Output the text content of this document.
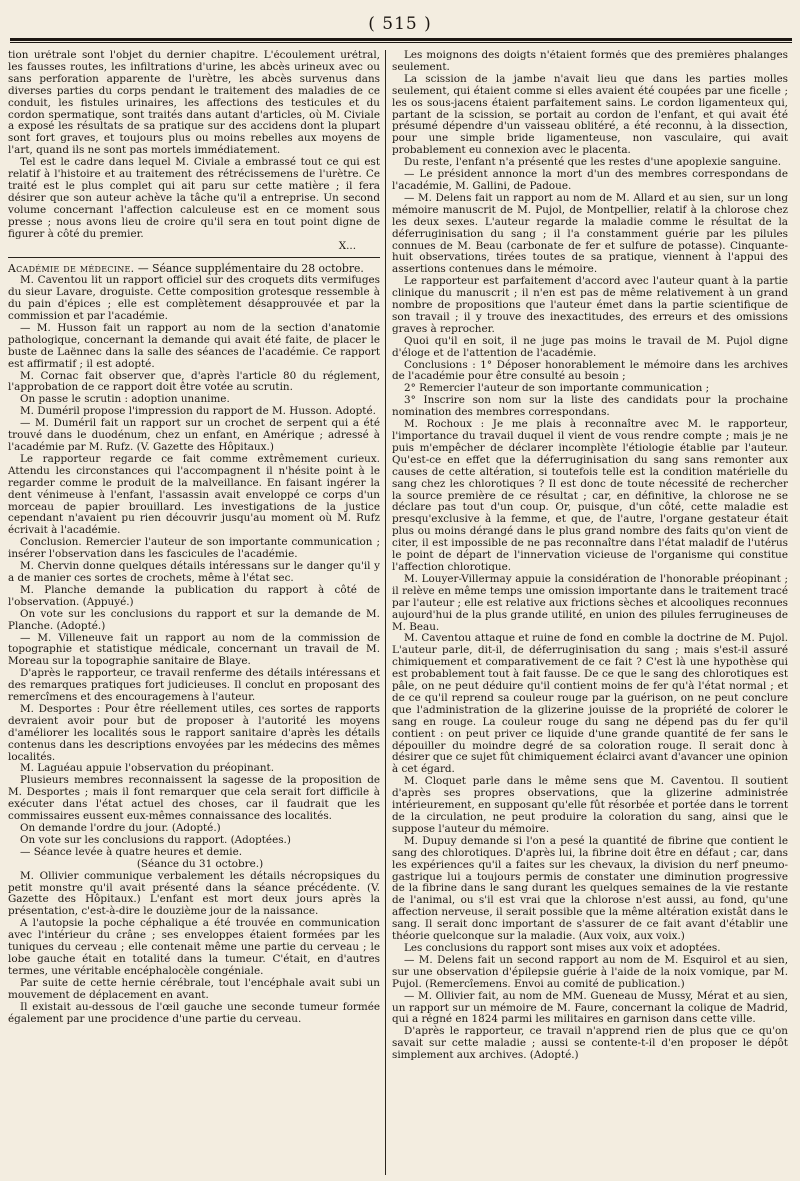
( 515 )

tion urétrale sont l'objet du dernier chapitre. L'écoulement urétral, les fausses routes, les infiltrations d'urine, les abcès urineux avec ou sans perforation apparente de l'urètre, les abcès survenus dans diverses parties du corps pendant le traitement des maladies de ce conduit, les fistules urinaires, les affections des testicules et du cordon spermatique, sont traités dans autant d'articles, où M. Civiale a exposé les résultats de sa pratique sur des accidens dont la plupart sont fort graves, et toujours plus ou moins rebelles aux moyens de l'art, quand ils ne sont pas mortels immédiatement.

Tel est le cadre dans lequel M. Civiale a embrassé tout ce qui est relatif à l'histoire et au traitement des rétrécissemens de l'urètre. Ce traité est le plus complet qui ait paru sur cette matière ; il fera désirer que son auteur achève la tâche qu'il a entreprise. Un second volume concernant l'affection calculeuse est en ce moment sous presse ; nous avons lieu de croire qu'il sera en tout point digne de figurer à côté du premier.

X...

Académie de médecine. — Séance supplémentaire du 28 octobre.

M. Caventou lit un rapport officiel sur des croquets dits vermifuges du sieur Lavare, droguiste. Cette composition grotesque ressemble à du pain d'épices ; elle est complètement désapprouvée et par la commission et par l'académie.

— M. Husson fait un rapport au nom de la section d'anatomie pathologique, concernant la demande qui avait été faite, de placer le buste de Laënnec dans la salle des séances de l'académie. Ce rapport est affirmatif ; il est adopté.

M. Cornac fait observer que, d'après l'article 80 du réglement, l'approbation de ce rapport doit être votée au scrutin.

On passe le scrutin : adoption unanime.

M. Duméril propose l'impression du rapport de M. Husson. Adopté.

— M. Duméril fait un rapport sur un crochet de serpent qui a été trouvé dans le duodénum, chez un enfant, en Amérique ; adressé à l'académie par M. Rufz. (V. Gazette des Hôpitaux.)

Le rapporteur regarde ce fait comme extrêmement curieux. Attendu les circonstances qui l'accompagnent il n'hésite point à le regarder comme le produit de la malveillance. En faisant ingérer la dent vénimeuse à l'enfant, l'assassin avait enveloppé ce corps d'un morceau de papier brouillard. Les investigations de la justice cependant n'avaient pu rien découvrir jusqu'au moment où M. Rufz écrivait à l'académie.

Conclusion. Remercier l'auteur de son importante communication ; insérer l'observation dans les fascicules de l'académie.

M. Chervin donne quelques détails intéressans sur le danger qu'il y a de manier ces sortes de crochets, même à l'état sec.

M. Planche demande la publication du rapport à côté de l'observation. (Appuyé.)

On vote sur les conclusions du rapport et sur la demande de M. Planche. (Adopté.)

— M. Villeneuve fait un rapport au nom de la commission de topographie et statistique médicale, concernant un travail de M. Moreau sur la topographie sanitaire de Blaye.

D'après le rapporteur, ce travail renferme des détails intéressans et des remarques pratiques fort judicieuses. Il conclut en proposant des remercîmens et des encouragemens à l'auteur.

M. Desportes : Pour être réellement utiles, ces sortes de rapports devraient avoir pour but de proposer à l'autorité les moyens d'améliorer les localités sous le rapport sanitaire d'après les détails contenus dans les descriptions envoyées par les médecins des mêmes localités.

M. Laguéau appuie l'observation du préopinant.

Plusieurs membres reconnaissent la sagesse de la proposition de M. Desportes ; mais il font remarquer que cela serait fort difficile à exécuter dans l'état actuel des choses, car il faudrait que les commissaires eussent eux-mêmes connaissance des localités.

On demande l'ordre du jour. (Adopté.)

On vote sur les conclusions du rapport. (Adoptées.)

— Séance levée à quatre heures et demie.

(Séance du 31 octobre.)

M. Ollivier communique verbalement les détails nécropsiques du petit monstre qu'il avait présenté dans la séance précédente. (V. Gazette des Hôpitaux.) L'enfant est mort deux jours après la présentation, c'est-à-dire le douzième jour de la naissance.

A l'autopsie la poche céphalique a été trouvée en communication avec l'intérieur du crâne ; ses enveloppes étaient formées par les tuniques du cerveau ; elle contenait même une partie du cerveau ; le lobe gauche était en totalité dans la tumeur. C'était, en d'autres termes, une véritable encéphalocèle congéniale.

Par suite de cette hernie cérébrale, tout l'encéphale avait subi un mouvement de déplacement en avant.

Il existait au-dessous de l'œil gauche une seconde tumeur formée également par une procidence d'une partie du cerveau.

Les moignons des doigts n'étaient formés que des premières phalanges seulement.

La scission de la jambe n'avait lieu que dans les parties molles seulement, qui étaient comme si elles avaient été coupées par une ficelle ; les os sous-jacens étaient parfaitement sains. Le cordon ligamenteux qui, partant de la scission, se portait au cordon de l'enfant, et qui avait été présumé dépendre d'un vaisseau oblitéré, a été reconnu, à la dissection, pour une simple bride ligamenteuse, non vasculaire, qui avait probablement eu connexion avec le placenta.

Du reste, l'enfant n'a présenté que les restes d'une apoplexie sanguine.

— Le président annonce la mort d'un des membres correspondans de l'académie, M. Gallini, de Padoue.

— M. Delens fait un rapport au nom de M. Allard et au sien, sur un long mémoire manuscrit de M. Pujol, de Montpellier, relatif à la chlorose chez les deux sexes. L'auteur regarde la maladie comme le résultat de la déferruginisation du sang ; il l'a constamment guérie par les pilules connues de M. Beau (carbonate de fer et sulfure de potasse). Cinquante-huit observations, tirées toutes de sa pratique, viennent à l'appui des assertions contenues dans le mémoire.

Le rapporteur est parfaitement d'accord avec l'auteur quant à la partie clinique du manuscrit ; il n'en est pas de même relativement à un grand nombre de propositions que l'auteur émet dans la partie scientifique de son travail ; il y trouve des inexactitudes, des erreurs et des omissions graves à reprocher.

Quoi qu'il en soit, il ne juge pas moins le travail de M. Pujol digne d'éloge et de l'attention de l'académie.

Conclusions : 1° Déposer honorablement le mémoire dans les archives de l'académie pour être consulté au besoin ;

2° Remercier l'auteur de son importante communication ;

3° Inscrire son nom sur la liste des candidats pour la prochaine nomination des membres correspondans.

M. Rochoux : Je me plais à reconnaître avec M. le rapporteur, l'importance du travail duquel il vient de vous rendre compte ; mais je ne puis m'empêcher de déclarer incomplète l'étiologie établie par l'auteur. Qu'est-ce en effet que la déferruginisation du sang sans remonter aux causes de cette altération, si toutefois telle est la condition matérielle du sang chez les chlorotiques ? Il est donc de toute nécessité de rechercher la source première de ce résultat ; car, en définitive, la chlorose ne se déclare pas tout d'un coup. Or, puisque, d'un côté, cette maladie est presqu'exclusive à la femme, et que, de l'autre, l'organe gestateur était plus ou moins dérangé dans le plus grand nombre des faits qu'on vient de citer, il est impossible de ne pas reconnaître dans l'état maladif de l'utérus le point de départ de l'innervation vicieuse de l'organisme qui constitue l'affection chlorotique.

M. Louyer-Villermay appuie la considération de l'honorable préopinant ; il relève en même temps une omission importante dans le traitement tracé par l'auteur ; elle est relative aux frictions sèches et alcooliques reconnues aujourd'hui de la plus grande utilité, en union des pilules ferrugineuses de M. Beau.

M. Caventou attaque et ruine de fond en comble la doctrine de M. Pujol. L'auteur parle, dit-il, de déferruginisation du sang ; mais s'est-il assuré chimiquement et comparativement de ce fait ? C'est là une hypothèse qui est probablement tout à fait fausse. De ce que le sang des chlorotiques est pâle, on ne peut déduire qu'il contient moins de fer qu'à l'état normal ; et de ce qu'il reprend sa couleur rouge par la guérison, on ne peut conclure que l'administration de la glizerine jouisse de la propriété de colorer le sang en rouge. La couleur rouge du sang ne dépend pas du fer qu'il contient : on peut priver ce liquide d'une grande quantité de fer sans le dépouiller du moindre degré de sa coloration rouge. Il serait donc à désirer que ce sujet fût chimiquement éclairci avant d'avancer une opinion à cet égard.

M. Cloquet parle dans le même sens que M. Caventou. Il soutient d'après ses propres observations, que la glizerine administrée intérieurement, en supposant qu'elle fût résorbée et portée dans le torrent de la circulation, ne peut produire la coloration du sang, ainsi que le suppose l'auteur du mémoire.

M. Dupuy demande si l'on a pesé la quantité de fibrine que contient le sang des chlorotiques. D'après lui, la fibrine doit être en défaut ; car, dans les expériences qu'il a faites sur les chevaux, la division du nerf pneumo-gastrique lui a toujours permis de constater une diminution progressive de la fibrine dans le sang durant les quelques semaines de la vie restante de l'animal, ou s'il est vrai que la chlorose n'est aussi, au fond, qu'une affection nerveuse, il serait possible que la même altération existât dans le sang. Il serait donc important de s'assurer de ce fait avant d'établir une théorie quelconque sur la maladie. (Aux voix, aux voix.)

Les conclusions du rapport sont mises aux voix et adoptées.

— M. Delens fait un second rapport au nom de M. Esquirol et au sien, sur une observation d'épilepsie guérie à l'aide de la noix vomique, par M. Pujol. (Remercîemens. Envoi au comité de publication.)

— M. Ollivier fait, au nom de MM. Gueneau de Mussy, Mérat et au sien, un rapport sur un mémoire de M. Faure, concernant la colique de Madrid, qui a régné en 1824 parmi les militaires en garnison dans cette ville.

D'après le rapporteur, ce travail n'apprend rien de plus que ce qu'on savait sur cette maladie ; aussi se contente-t-il d'en proposer le dépôt simplement aux archives. (Adopté.)
